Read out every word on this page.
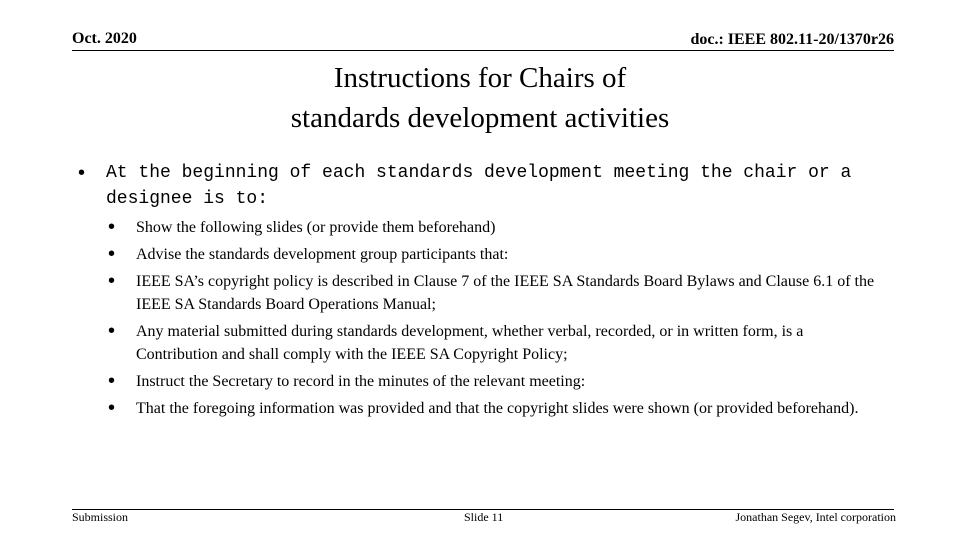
Oct. 2020	doc.: IEEE 802.11-20/1370r26
Instructions for Chairs of
standards development activities
• At the beginning of each standards development meeting the chair or a designee is to:
• Show the following slides (or provide them beforehand)
• Advise the standards development group participants that:
• IEEE SA’s copyright policy is described in Clause 7 of the IEEE SA Standards Board Bylaws and Clause 6.1 of the IEEE SA Standards Board Operations Manual;
• Any material submitted during standards development, whether verbal, recorded, or in written form, is a Contribution and shall comply with the IEEE SA Copyright Policy;
• Instruct the Secretary to record in the minutes of the relevant meeting:
• That the foregoing information was provided and that the copyright slides were shown (or provided beforehand).
Submission	Slide 11	Jonathan Segev, Intel corporation
